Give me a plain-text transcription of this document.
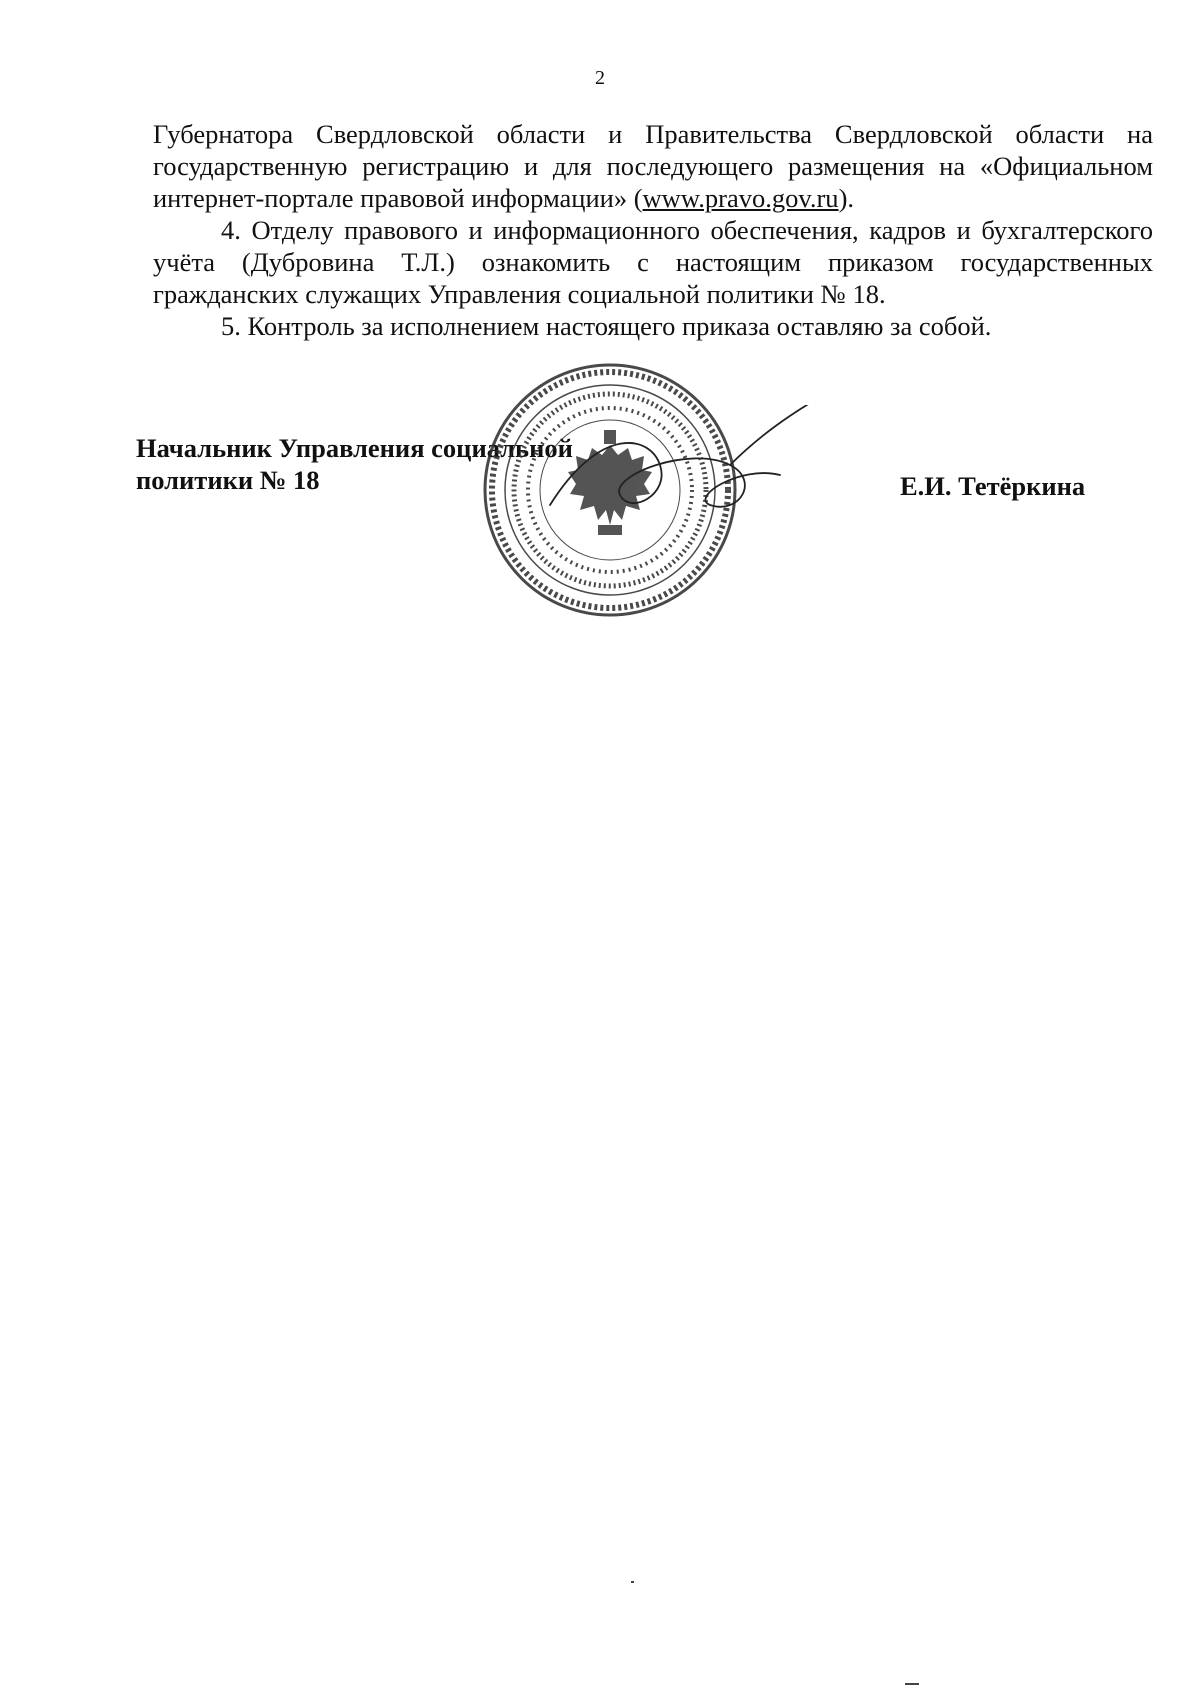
2

Губернатора Свердловской области и Правительства Свердловской области на государственную регистрацию и для последующего размещения на «Официальном интернет-портале правовой информации» (www.pravo.gov.ru).

4. Отделу правового и информационного обеспечения, кадров и бухгалтерского учёта (Дубровина Т.Л.) ознакомить с настоящим приказом государственных гражданских служащих Управления социальной политики № 18.

5. Контроль за исполнением настоящего приказа оставляю за собой.

Начальник Управления социальной
политики № 18	Е.И. Тетёркина
